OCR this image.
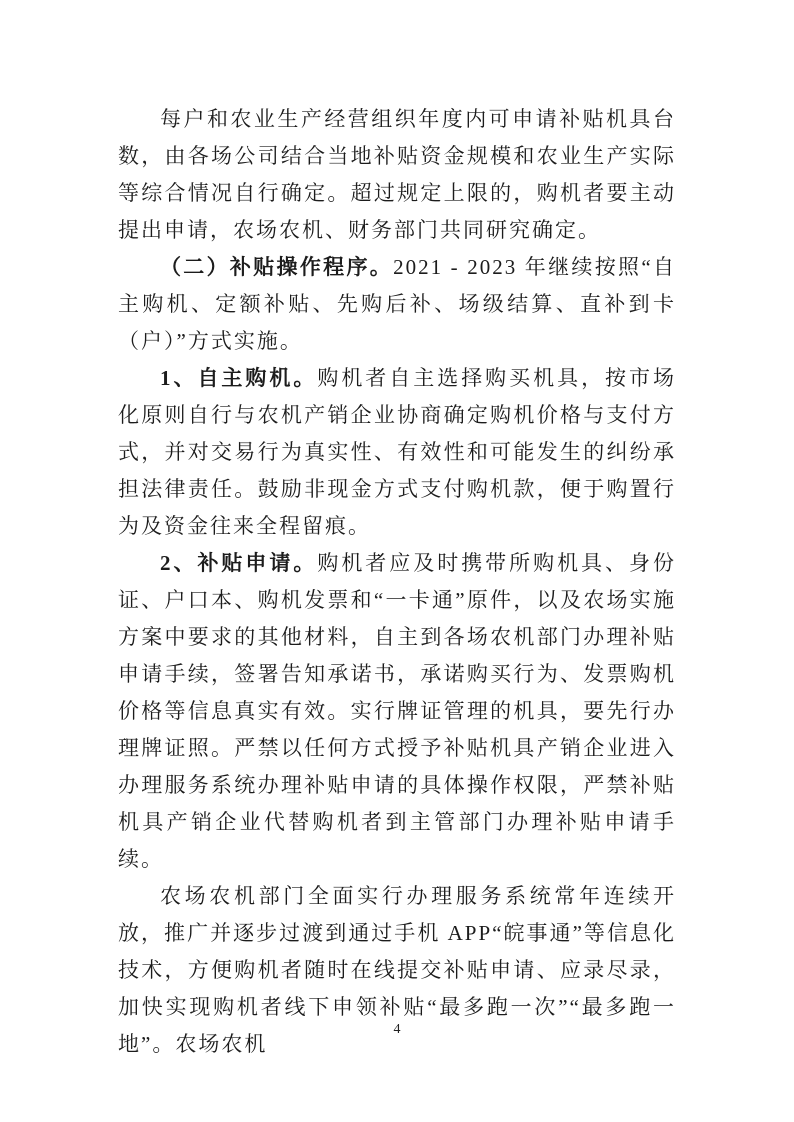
每户和农业生产经营组织年度内可申请补贴机具台数，由各场公司结合当地补贴资金规模和农业生产实际等综合情况自行确定。超过规定上限的，购机者要主动提出申请，农场农机、财务部门共同研究确定。

（二）补贴操作程序。2021 - 2023 年继续按照“自主购机、定额补贴、先购后补、场级结算、直补到卡（户）”方式实施。

1、自主购机。购机者自主选择购买机具，按市场化原则自行与农机产销企业协商确定购机价格与支付方式，并对交易行为真实性、有效性和可能发生的纠纷承担法律责任。鼓励非现金方式支付购机款，便于购置行为及资金往来全程留痕。

2、补贴申请。购机者应及时携带所购机具、身份证、户口本、购机发票和“一卡通”原件，以及农场实施方案中要求的其他材料，自主到各场农机部门办理补贴申请手续，签署告知承诺书，承诺购买行为、发票购机价格等信息真实有效。实行牌证管理的机具，要先行办理牌证照。严禁以任何方式授予补贴机具产销企业进入办理服务系统办理补贴申请的具体操作权限，严禁补贴机具产销企业代替购机者到主管部门办理补贴申请手续。

农场农机部门全面实行办理服务系统常年连续开放，推广并逐步过渡到通过手机 APP“皖事通”等信息化技术，方便购机者随时在线提交补贴申请、应录尽录，加快实现购机者线下申领补贴“最多跑一次”“最多跑一地”。农场农机

4
